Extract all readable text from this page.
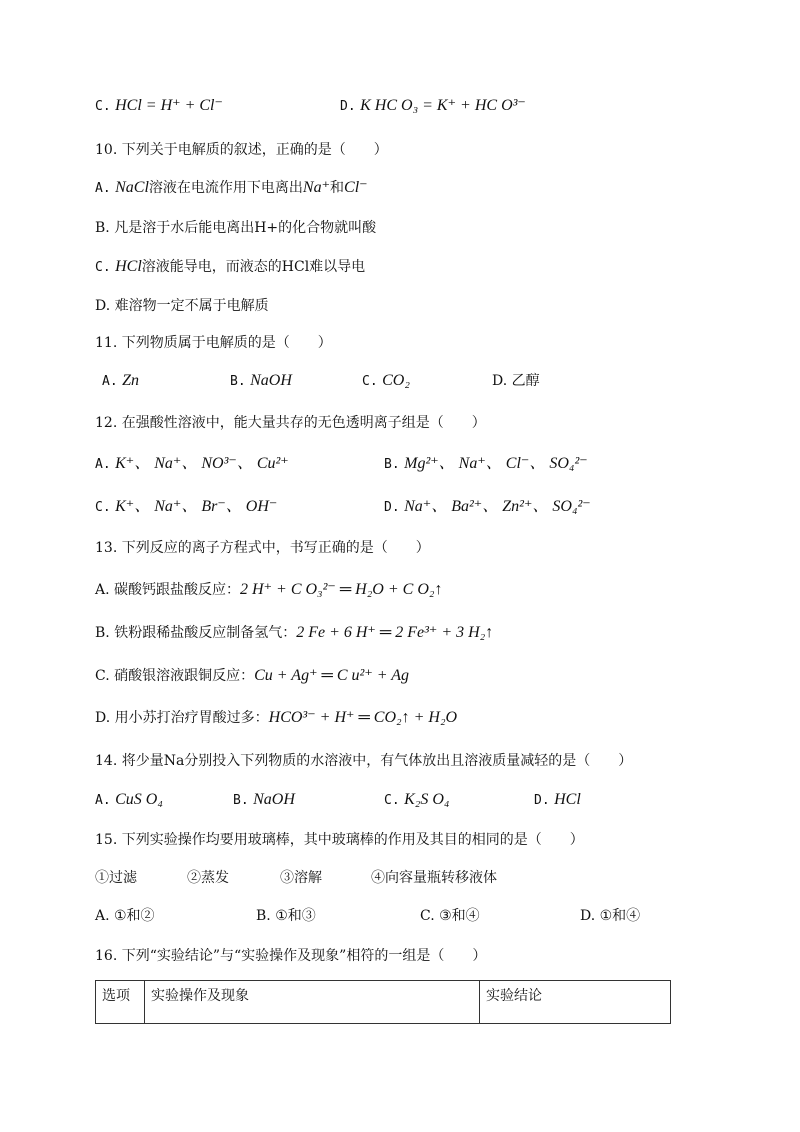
C. HCl = H⁺ + Cl⁻	D. K HC O₃ = K⁺ + HC O³⁻
10. 下列关于电解质的叙述，正确的是（　　）
A. NaCl溶液在电流作用下电离出Na⁺和Cl⁻
B. 凡是溶于水后能电离出H+的化合物就叫酸
C. HCl溶液能导电，而液态的HCl难以导电
D. 难溶物一定不属于电解质
11. 下列物质属于电解质的是（　　）
A. Zn	B. NaOH	C. CO₂	D. 乙醇
12. 在强酸性溶液中，能大量共存的无色透明离子组是（　　）
A. K⁺、 Na⁺、 NO³⁻、 Cu²⁺	B. Mg²⁺、 Na⁺、 Cl⁻、 SO₄²⁻
C. K⁺、 Na⁺、 Br⁻、 OH⁻	D. Na⁺、 Ba²⁺、 Zn²⁺、 SO₄²⁻
13. 下列反应的离子方程式中，书写正确的是（　　）
A. 碳酸钙跟盐酸反应：2 H⁺ + C O₃²⁻ ═ H₂O + C O₂↑
B. 铁粉跟稀盐酸反应制备氢气：2 Fe + 6 H⁺ ═ 2 Fe³⁺ + 3 H₂↑
C. 硝酸银溶液跟铜反应：Cu + Ag⁺ ═ C u²⁺ + Ag
D. 用小苏打治疗胃酸过多：HCO³⁻ + H⁺ ═ CO₂↑ + H₂O
14. 将少量Na分别投入下列物质的水溶液中，有气体放出且溶液质量减轻的是（　　）
A. CuS O₄	B. NaOH	C. K₂S O₄	D. HCl
15. 下列实验操作均要用玻璃棒，其中玻璃棒的作用及其目的相同的是（　　）
①过滤	②蒸发	③溶解	④向容量瓶转移液体
A. ①和②	B. ①和③	C. ③和④	D. ①和④
16. 下列“实验结论”与“实验操作及现象”相符的一组是（　　）
选项	实验操作及现象	实验结论
